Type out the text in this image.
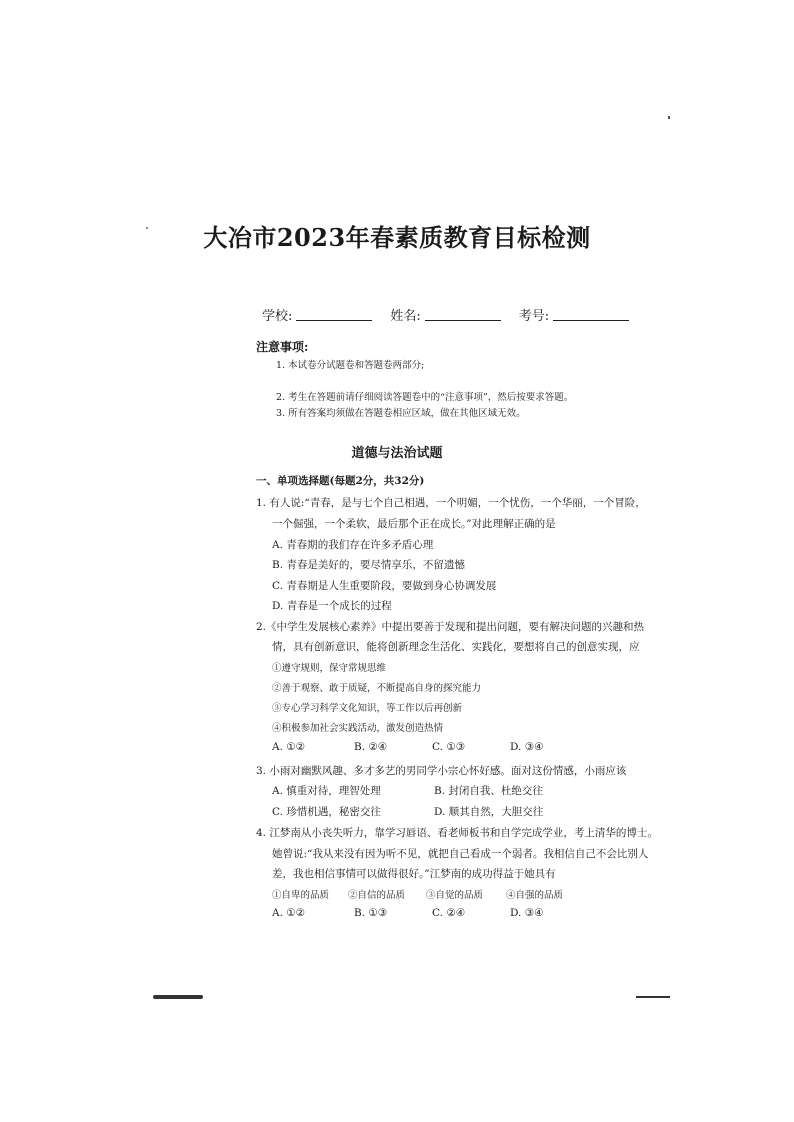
大冶市2023年春素质教育目标检测
学校:	姓名:	考号:
注意事项:
1. 本试卷分试题卷和答题卷两部分;
2. 考生在答题前请仔细阅读答题卷中的“注意事项”，然后按要求答题。
3. 所有答案均须做在答题卷相应区域，做在其他区域无效。
道德与法治试题
一、单项选择题(每题2分，共32分)
1. 有人说:“青春，是与七个自己相遇，一个明媚，一个忧伤，一个华丽，一个冒险，
一个倔强，一个柔软，最后那个正在成长。”对此理解正确的是
A. 青春期的我们存在许多矛盾心理
B. 青春是美好的，要尽情享乐，不留遗憾
C. 青春期是人生重要阶段，要做到身心协调发展
D. 青春是一个成长的过程
2.《中学生发展核心素养》中提出要善于发现和提出问题，要有解决问题的兴趣和热
情，具有创新意识，能将创新理念生活化、实践化，要想将自己的创意实现，应
①遵守规则，保守常规思维
②善于观察、敢于质疑，不断提高自身的探究能力
③专心学习科学文化知识，等工作以后再创新
④积极参加社会实践活动，激发创造热情
A. ①②	B. ②④	C. ①③	D. ③④
3. 小雨对幽默风趣、多才多艺的男同学小宗心怀好感。面对这份情感，小雨应该
A. 慎重对待，理智处理	B. 封闭自我、杜绝交往
C. 珍惜机遇，秘密交往	D. 顺其自然，大胆交往
4. 江梦南从小丧失听力，靠学习唇语、看老师板书和自学完成学业，考上清华的博士。
她曾说:“我从来没有因为听不见，就把自己看成一个弱者。我相信自己不会比别人
差，我也相信事情可以做得很好。”江梦南的成功得益于她具有
①自卑的品质	②自信的品质	③自觉的品质	④自强的品质
A. ①②	B. ①③	C. ②④	D. ③④
